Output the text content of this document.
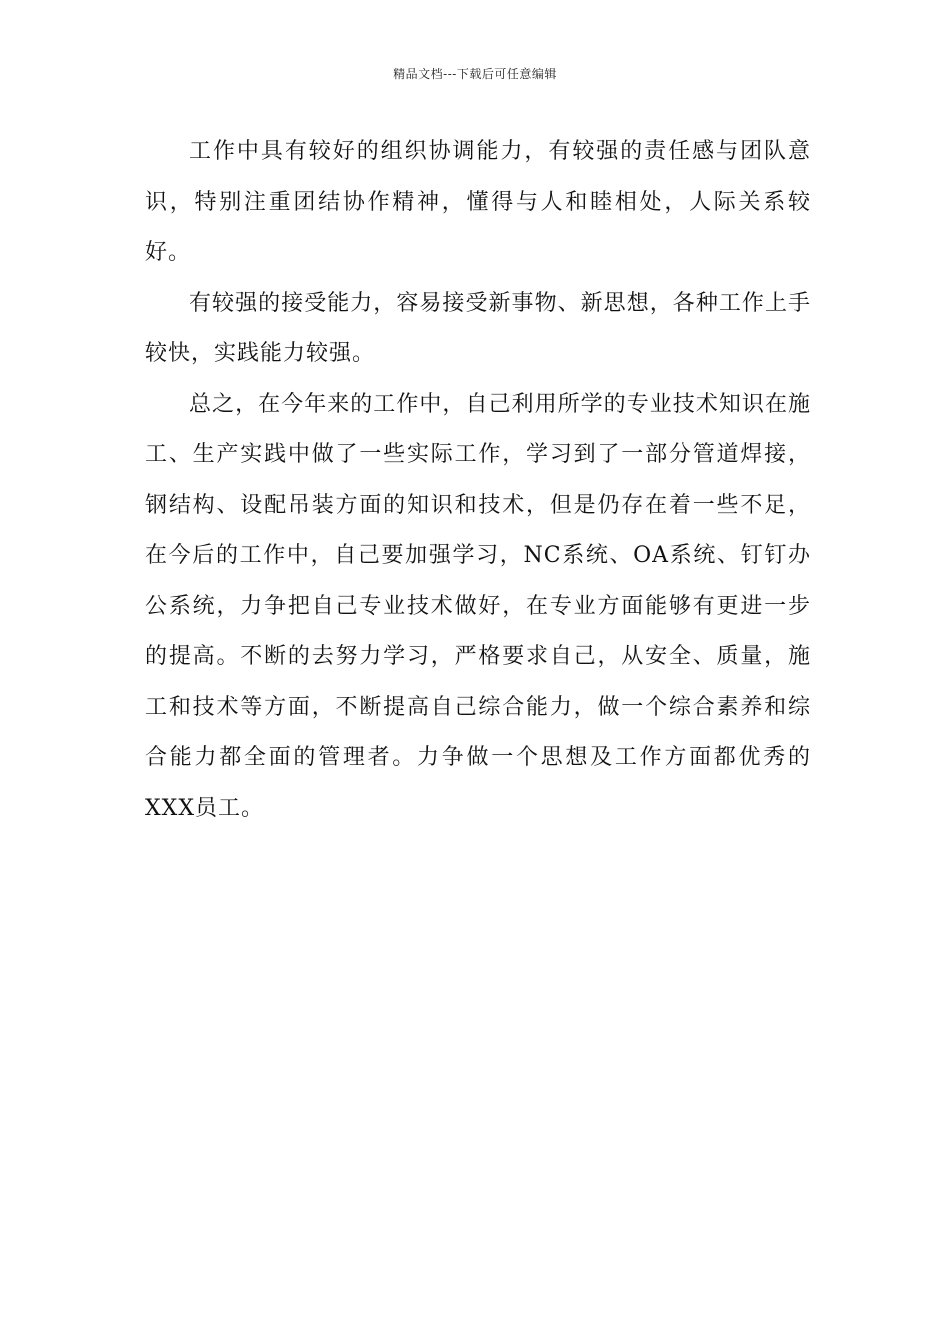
精品文档---下载后可任意编辑

工作中具有较好的组织协调能力，有较强的责任感与团队意识，特别注重团结协作精神，懂得与人和睦相处，人际关系较好。

有较强的接受能力，容易接受新事物、新思想，各种工作上手较快，实践能力较强。

总之，在今年来的工作中，自己利用所学的专业技术知识在施工、生产实践中做了一些实际工作，学习到了一部分管道焊接，钢结构、设配吊装方面的知识和技术，但是仍存在着一些不足，在今后的工作中，自己要加强学习，NC系统、OA系统、钉钉办公系统，力争把自己专业技术做好，在专业方面能够有更进一步的提高。不断的去努力学习，严格要求自己，从安全、质量，施工和技术等方面，不断提高自己综合能力，做一个综合素养和综合能力都全面的管理者。力争做一个思想及工作方面都优秀的XXX员工。
